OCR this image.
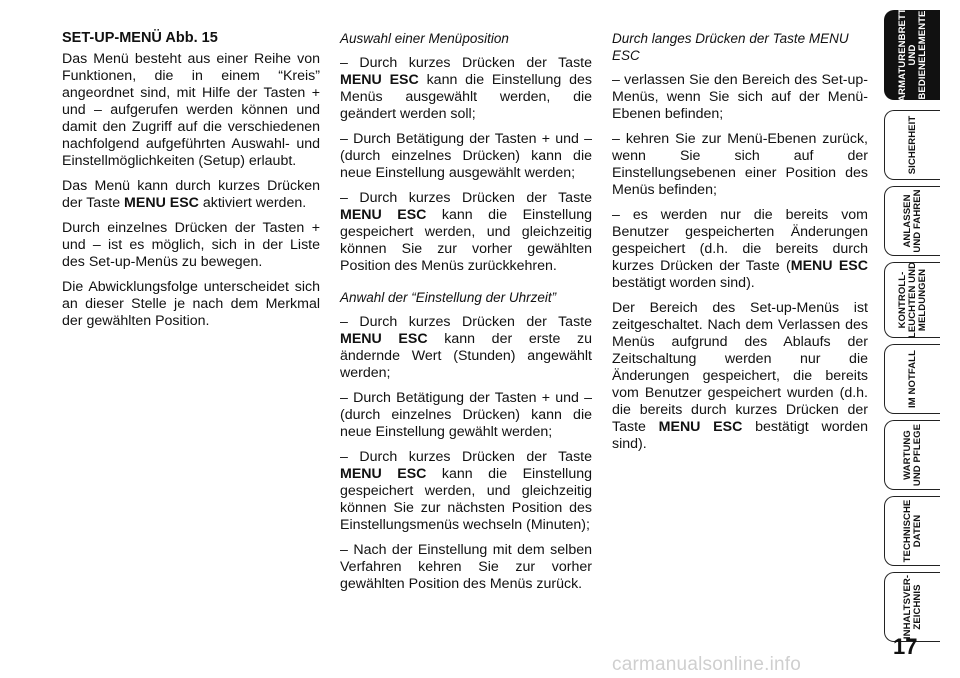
SET-UP-MENÜ Abb. 15

Das Menü besteht aus einer Reihe von Funktionen, die in einem “Kreis” angeordnet sind, mit Hilfe der Tasten + und – aufgerufen werden können und damit den Zugriff auf die verschiedenen nachfolgend aufgeführten Auswahl- und Einstellmöglichkeiten (Setup) erlaubt.

Das Menü kann durch kurzes Drücken der Taste MENU ESC aktiviert werden.

Durch einzelnes Drücken der Tasten + und – ist es möglich, sich in der Liste des Set-up-Menüs zu bewegen.

Die Abwicklungsfolge unterscheidet sich an dieser Stelle je nach dem Merkmal der gewählten Position.

Auswahl einer Menüposition

– Durch kurzes Drücken der Taste MENU ESC kann die Einstellung des Menüs ausgewählt werden, die geändert werden soll;

– Durch Betätigung der Tasten + und – (durch einzelnes Drücken) kann die neue Einstellung ausgewählt werden;

– Durch kurzes Drücken der Taste MENU ESC kann die Einstellung gespeichert werden, und gleichzeitig können Sie zur vorher gewählten Position des Menüs zurückkehren.

Anwahl der “Einstellung der Uhrzeit”

– Durch kurzes Drücken der Taste MENU ESC kann der erste zu ändernde Wert (Stunden) angewählt werden;

– Durch Betätigung der Tasten + und – (durch einzelnes Drücken) kann die neue Einstellung gewählt werden;

– Durch kurzes Drücken der Taste MENU ESC kann die Einstellung gespeichert werden, und gleichzeitig können Sie zur nächsten Position des Einstellungsmenüs wechseln (Minuten);

– Nach der Einstellung mit dem selben Verfahren kehren Sie zur vorher gewählten Position des Menüs zurück.

Durch langes Drücken der Taste MENU ESC

– verlassen Sie den Bereich des Set-up-Menüs, wenn Sie sich auf der Menü-Ebenen befinden;

– kehren Sie zur Menü-Ebenen zurück, wenn Sie sich auf der Einstellungsebenen einer Position des Menüs befinden;

– es werden nur die bereits vom Benutzer gespeicherten Änderungen gespeichert (d.h. die bereits durch kurzes Drücken der Taste (MENU ESC bestätigt worden sind).

Der Bereich des Set-up-Menüs ist zeitgeschaltet. Nach dem Verlassen des Menüs aufgrund des Ablaufs der Zeitschaltung werden nur die Änderungen gespeichert, die bereits vom Benutzer gespeichert wurden (d.h. die bereits durch kurzes Drücken der Taste MENU ESC bestätigt worden sind).

ARMATURENBRETT
UND
BEDIENELEMENTE
SICHERHEIT
ANLASSEN
UND FAHREN
KONTROLL-
LEUCHTEN UND
MELDUNGEN
IM NOTFALL
WARTUNG
UND PFLEGE
TECHNISCHE
DATEN
INHALTSVER-
ZEICHNIS
17
carmanualsonline.info
